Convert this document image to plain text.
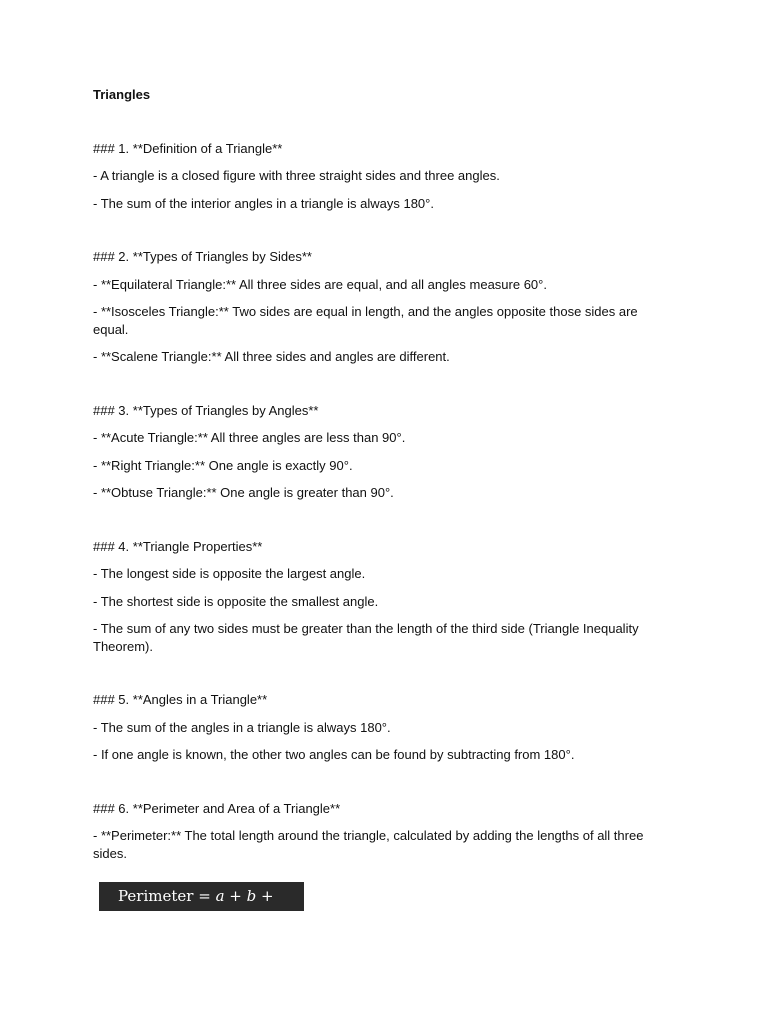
Triangles
### 1. **Definition of a Triangle**
- A triangle is a closed figure with three straight sides and three angles.
- The sum of the interior angles in a triangle is always 180°.
### 2. **Types of Triangles by Sides**
- **Equilateral Triangle:** All three sides are equal, and all angles measure 60°.
- **Isosceles Triangle:** Two sides are equal in length, and the angles opposite those sides are equal.
- **Scalene Triangle:** All three sides and angles are different.
### 3. **Types of Triangles by Angles**
- **Acute Triangle:** All three angles are less than 90°.
- **Right Triangle:** One angle is exactly 90°.
- **Obtuse Triangle:** One angle is greater than 90°.
### 4. **Triangle Properties**
- The longest side is opposite the largest angle.
- The shortest side is opposite the smallest angle.
- The sum of any two sides must be greater than the length of the third side (Triangle Inequality Theorem).
### 5. **Angles in a Triangle**
- The sum of the angles in a triangle is always 180°.
- If one angle is known, the other two angles can be found by subtracting from 180°.
### 6. **Perimeter and Area of a Triangle**
- **Perimeter:** The total length around the triangle, calculated by adding the lengths of all three sides.
Perimeter = a + b + c
